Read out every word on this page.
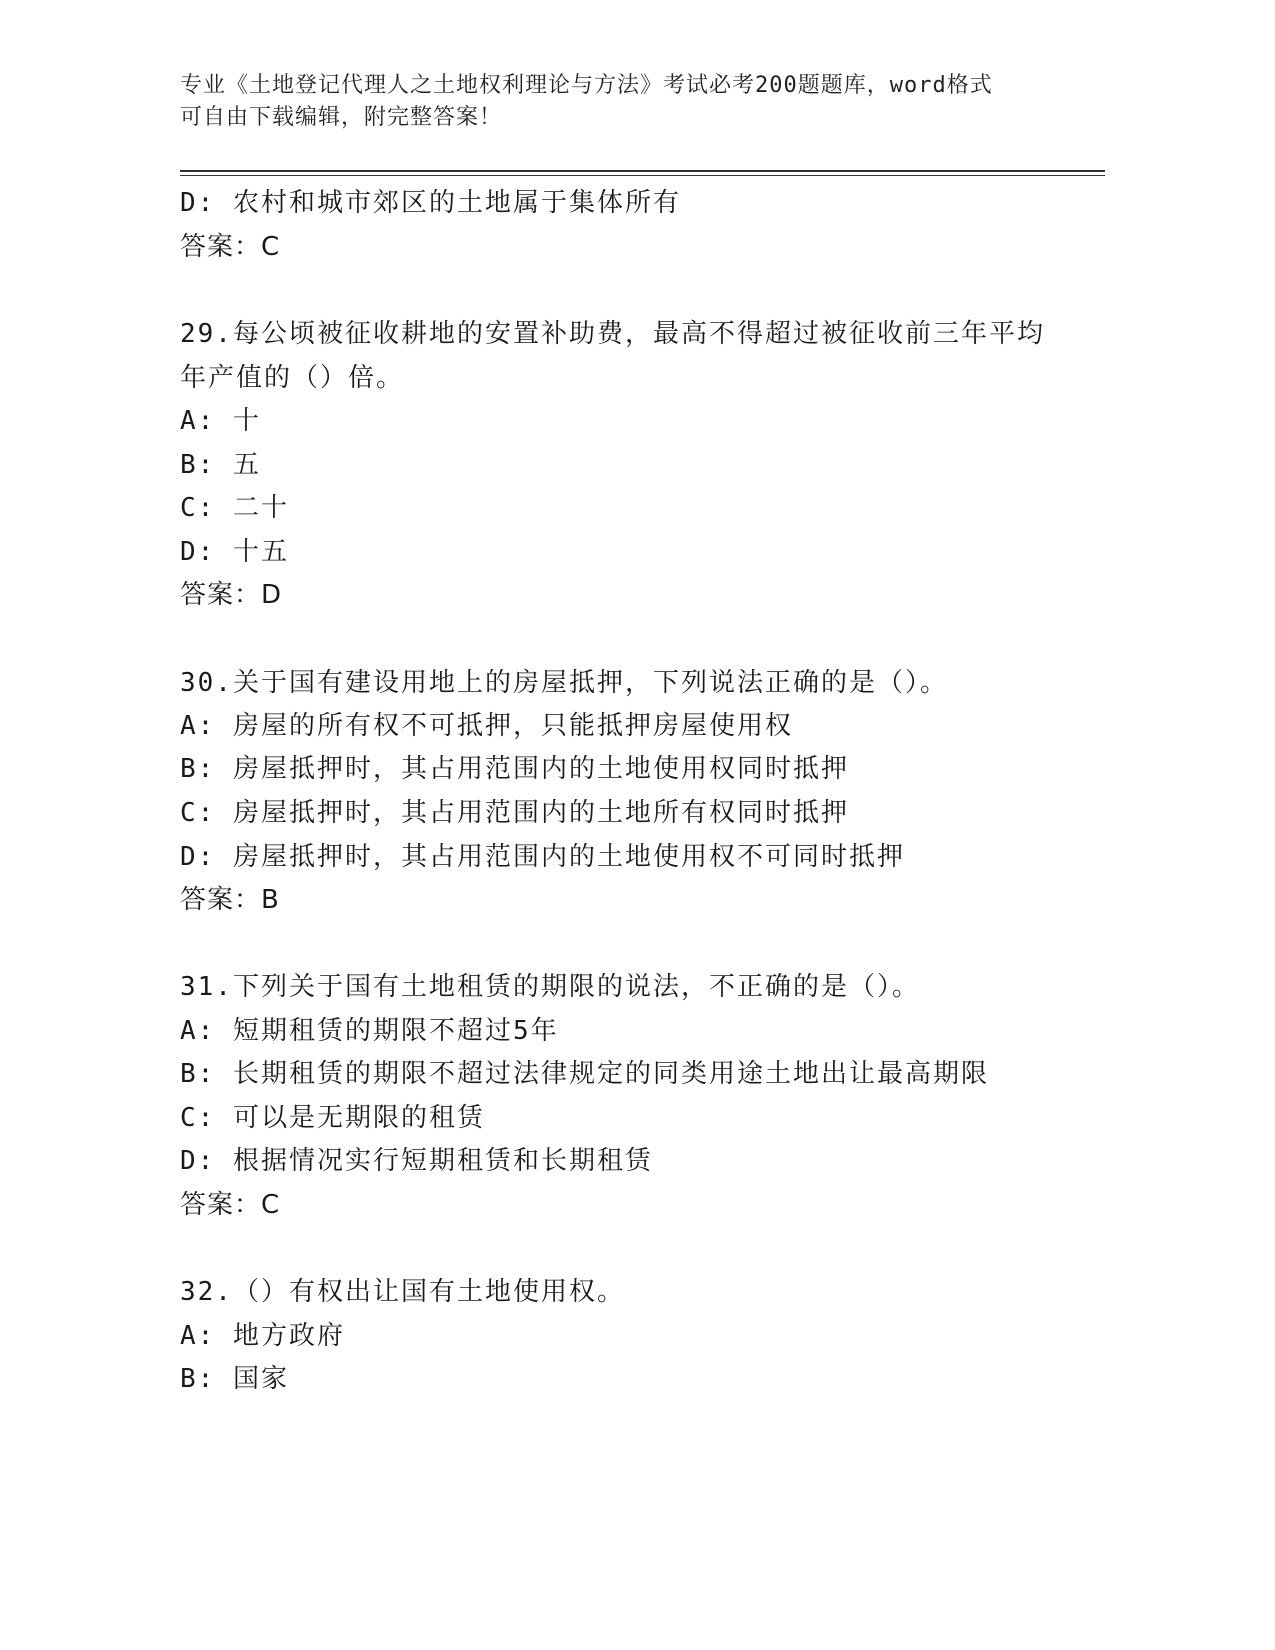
专业《土地登记代理人之土地权利理论与方法》考试必考200题题库，word格式
可自由下载编辑，附完整答案！
D: 农村和城市郊区的土地属于集体所有
答案：C
29.每公顷被征收耕地的安置补助费，最高不得超过被征收前三年平均
年产值的（）倍。
A: 十
B: 五
C: 二十
D: 十五
答案：D
30.关于国有建设用地上的房屋抵押，下列说法正确的是（）。
A: 房屋的所有权不可抵押，只能抵押房屋使用权
B: 房屋抵押时，其占用范围内的土地使用权同时抵押
C: 房屋抵押时，其占用范围内的土地所有权同时抵押
D: 房屋抵押时，其占用范围内的土地使用权不可同时抵押
答案：B
31.下列关于国有土地租赁的期限的说法，不正确的是（）。
A: 短期租赁的期限不超过5年
B: 长期租赁的期限不超过法律规定的同类用途土地出让最高期限
C: 可以是无期限的租赁
D: 根据情况实行短期租赁和长期租赁
答案：C
32.（）有权出让国有土地使用权。
A: 地方政府
B: 国家
